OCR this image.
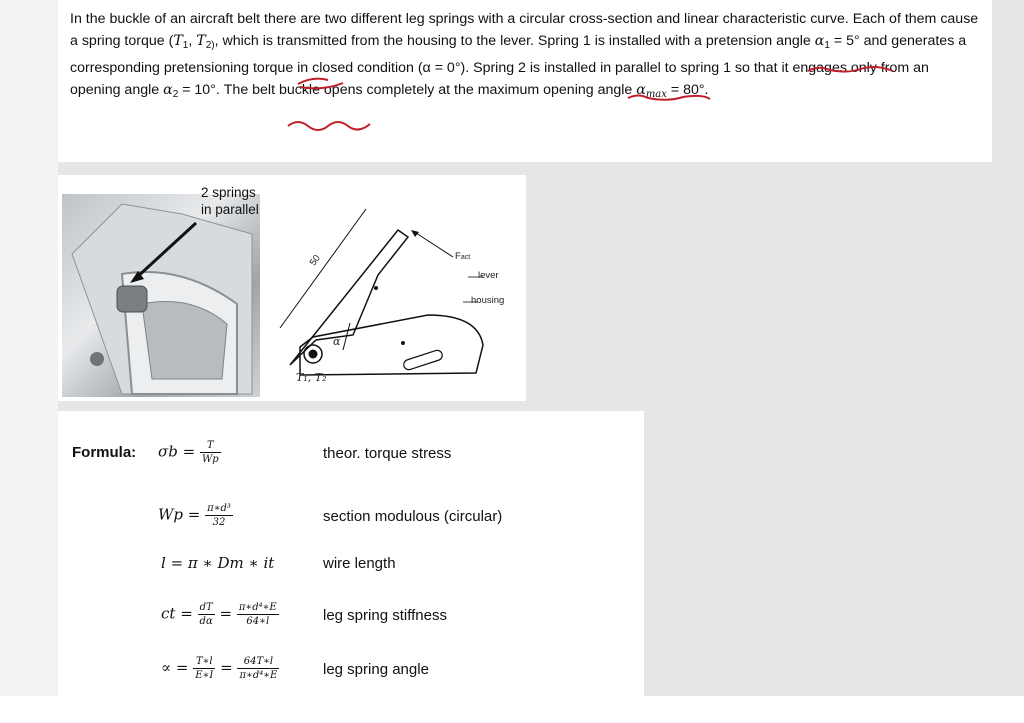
In the buckle of an aircraft belt there are two different leg springs with a circular cross-section and linear characteristic curve. Each of them cause a spring torque ($T_1$, $T_{2)}$, which is transmitted from the housing to the lever. Spring 1 is installed with a pretension angle $\alpha_1 = 5^\circ$ and generates a corresponding pretensioning torque in closed condition (α = 0°). Spring 2 is installed in parallel to spring 1 so that it engages only from an opening angle $\alpha_2 = 10^\circ$. The belt buckle opens completely at the maximum opening angle $\alpha_{max} = 80^\circ$.
2 springs
in parallel
50	Fact
lever
housing
α
T₁, T₂
Formula: $\sigma b = \frac{T}{Wp}$	theor. torque stress
$Wp = \frac{\text{π∗d³}}{32}$	section modulous (circular)
l = π ∗ Dm ∗ it	wire length
ct = $\frac{dT}{d\alpha} = \frac{\text{π∗d⁴∗E}}{64∗l}$	leg spring stiffness
∝ = $\frac{T∗l}{E∗I} = \frac{64T∗l}{\text{π∗d⁴∗E}}$	leg spring angle
